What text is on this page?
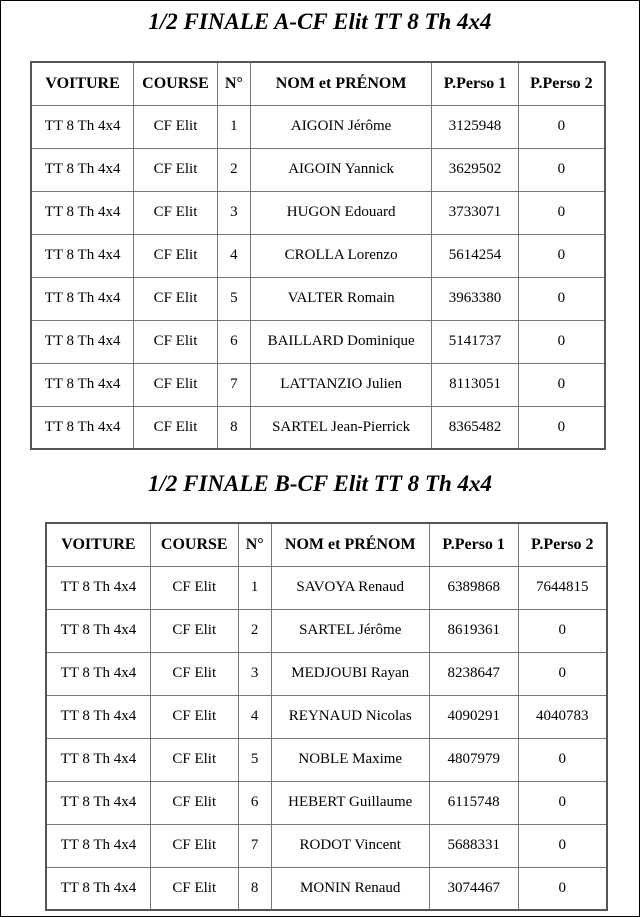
1/2 FINALE A-CF Elit TT 8 Th 4x4
VOITURE	COURSE	N°	NOM et PRÉNOM	P.Perso 1	P.Perso 2
TT 8 Th 4x4	CF Elit	1	AIGOIN Jérôme	3125948	0
TT 8 Th 4x4	CF Elit	2	AIGOIN Yannick	3629502	0
TT 8 Th 4x4	CF Elit	3	HUGON Edouard	3733071	0
TT 8 Th 4x4	CF Elit	4	CROLLA Lorenzo	5614254	0
TT 8 Th 4x4	CF Elit	5	VALTER Romain	3963380	0
TT 8 Th 4x4	CF Elit	6	BAILLARD Dominique	5141737	0
TT 8 Th 4x4	CF Elit	7	LATTANZIO Julien	8113051	0
TT 8 Th 4x4	CF Elit	8	SARTEL Jean-Pierrick	8365482	0
1/2 FINALE B-CF Elit TT 8 Th 4x4
VOITURE	COURSE	N°	NOM et PRÉNOM	P.Perso 1	P.Perso 2
TT 8 Th 4x4	CF Elit	1	SAVOYA Renaud	6389868	7644815
TT 8 Th 4x4	CF Elit	2	SARTEL Jérôme	8619361	0
TT 8 Th 4x4	CF Elit	3	MEDJOUBI Rayan	8238647	0
TT 8 Th 4x4	CF Elit	4	REYNAUD Nicolas	4090291	4040783
TT 8 Th 4x4	CF Elit	5	NOBLE Maxime	4807979	0
TT 8 Th 4x4	CF Elit	6	HEBERT Guillaume	6115748	0
TT 8 Th 4x4	CF Elit	7	RODOT Vincent	5688331	0
TT 8 Th 4x4	CF Elit	8	MONIN Renaud	3074467	0
